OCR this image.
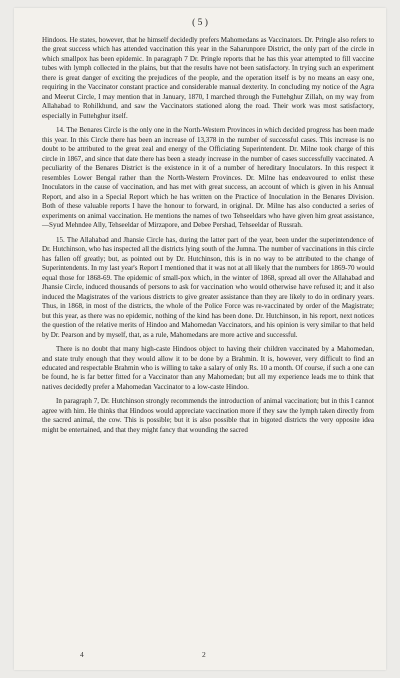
( 5 )

Hindoos. He states, however, that he himself decidedly prefers Mahomedans as Vaccinators. Dr. Pringle also refers to the great success which has attended vaccination this year in the Saharunpore District, the only part of the circle in which smallpox has been epidemic. In paragraph 7 Dr. Pringle reports that he has this year attempted to fill vaccine tubes with lymph collected in the plains, but that the results have not been satisfactory. In trying such an experiment there is great danger of exciting the prejudices of the people, and the operation itself is by no means an easy one, requiring in the Vaccinator constant practice and considerable manual dexterity. In concluding my notice of the Agra and Meerut Circle, I may mention that in January, 1870, I marched through the Futtehghur Zillah, on my way from Allahabad to Rohilkhund, and saw the Vaccinators stationed along the road. Their work was most satisfactory, especially in Futtehghur itself.

14. The Benares Circle is the only one in the North-Western Provinces in which decided progress has been made this year. In this Circle there has been an increase of 13,378 in the number of successful cases. This increase is no doubt to be attributed to the great zeal and energy of the Officiating Superintendent. Dr. Milne took charge of this circle in 1867, and since that date there has been a steady increase in the number of cases successfully vaccinated. A peculiarity of the Benares District is the existence in it of a number of hereditary Inoculators. In this respect it resembles Lower Bengal rather than the North-Western Provinces. Dr. Milne has endeavoured to enlist these Inoculators in the cause of vaccination, and has met with great success, an account of which is given in his Annual Report, and also in a Special Report which he has written on the Practice of Inoculation in the Benares Division. Both of these valuable reports I have the honour to forward, in original. Dr. Milne has also conducted a series of experiments on animal vaccination. He mentions the names of two Tehseeldars who have given him great assistance,—Syud Mehndee Ally, Tehseeldar of Mirzapore, and Debee Pershad, Tehseeldar of Russrah.

15. The Allahabad and Jhansie Circle has, during the latter part of the year, been under the superintendence of Dr. Hutchinson, who has inspected all the districts lying south of the Jumna. The number of vaccinations in this circle has fallen off greatly; but, as pointed out by Dr. Hutchinson, this is in no way to be attributed to the change of Superintendents. In my last year's Report I mentioned that it was not at all likely that the numbers for 1869-70 would equal those for 1868-69. The epidemic of small-pox which, in the winter of 1868, spread all over the Allahabad and Jhansie Circle, induced thousands of persons to ask for vaccination who would otherwise have refused it; and it also induced the Magistrates of the various districts to give greater assistance than they are likely to do in ordinary years. Thus, in 1868, in most of the districts, the whole of the Police Force was re-vaccinated by order of the Magistrate; but this year, as there was no epidemic, nothing of the kind has been done. Dr. Hutchinson, in his report, next notices the question of the relative merits of Hindoo and Mahomedan Vaccinators, and his opinion is very similar to that held by Dr. Pearson and by myself, that, as a rule, Mahomedans are more active and successful.

There is no doubt that many high-caste Hindoos object to having their children vaccinated by a Mahomedan, and state truly enough that they would allow it to be done by a Brahmin. It is, however, very difficult to find an educated and respectable Brahmin who is willing to take a salary of only Rs. 10 a month. Of course, if such a one can be found, he is far better fitted for a Vaccinator than any Mahomedan; but all my experience leads me to think that natives decidedly prefer a Mahomedan Vaccinator to a low-caste Hindoo.

In paragraph 7, Dr. Hutchinson strongly recommends the introduction of animal vaccination; but in this I cannot agree with him. He thinks that Hindoos would appreciate vaccination more if they saw the lymph taken directly from the sacred animal, the cow. This is possible; but it is also possible that in bigoted districts the very opposite idea might be entertained, and that they might fancy that wounding the sacred

4	2
